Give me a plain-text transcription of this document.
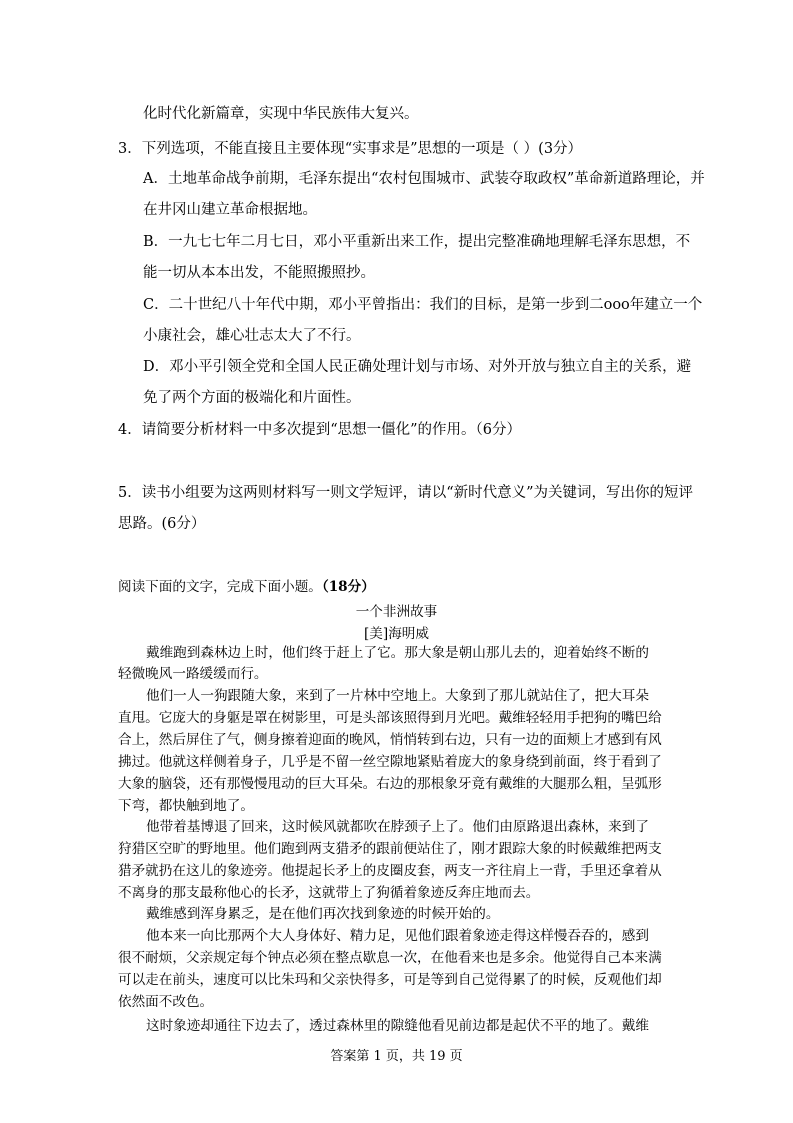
化时代化新篇章，实现中华民族伟大复兴。
3．下列选项，不能直接且主要体现“实事求是”思想的一项是（ ）(3分）
A．土地革命战争前期，毛泽东提出“农村包围城市、武装夺取政权”革命新道路理论，并
在井冈山建立革命根据地。
B．一九七七年二月七日，邓小平重新出来工作，提出完整准确地理解毛泽东思想，不
能一切从本本出发，不能照搬照抄。
C．二十世纪八十年代中期，邓小平曾指出：我们的目标，是第一步到二ooo年建立一个
小康社会，雄心壮志太大了不行。
D．邓小平引领全党和全国人民正确处理计划与市场、对外开放与独立自主的关系，避
免了两个方面的极端化和片面性。
4．请简要分析材料一中多次提到“思想一僵化”的作用。（6分）
5．读书小组要为这两则材料写一则文学短评，请以“新时代意义”为关键词，写出你的短评
思路。(6分）
阅读下面的文字，完成下面小题。（18分）
一个非洲故事
[美]海明威
戴维跑到森林边上时，他们终于赶上了它。那大象是朝山那儿去的，迎着始终不断的
轻微晚风一路缓缓而行。
他们一人一狗跟随大象，来到了一片林中空地上。大象到了那儿就站住了，把大耳朵
直甩。它庞大的身躯是罩在树影里，可是头部该照得到月光吧。戴维轻轻用手把狗的嘴巴给
合上，然后屏住了气，侧身擦着迎面的晚风，悄悄转到右边，只有一边的面颊上才感到有风
拂过。他就这样侧着身子，几乎是不留一丝空隙地紧贴着庞大的象身绕到前面，终于看到了
大象的脑袋，还有那慢慢甩动的巨大耳朵。右边的那根象牙竟有戴维的大腿那么粗，呈弧形
下弯，都快触到地了。
他带着基博退了回来，这时候风就都吹在脖颈子上了。他们由原路退出森林，来到了
狩猎区空旷的野地里。他们跑到两支猎矛的跟前便站住了，刚才跟踪大象的时候戴维把两支
猎矛就扔在这儿的象迹旁。他提起长矛上的皮圈皮套，两支一齐往肩上一背，手里还拿着从
不离身的那支最称他心的长矛，这就带上了狗循着象迹反奔庄地而去。
戴维感到浑身累乏，是在他们再次找到象迹的时候开始的。
他本来一向比那两个大人身体好、精力足，见他们跟着象迹走得这样慢吞吞的，感到
很不耐烦，父亲规定每个钟点必须在整点歇息一次，在他看来也是多余。他觉得自己本来满
可以走在前头，速度可以比朱玛和父亲快得多，可是等到自己觉得累了的时候，反观他们却
依然面不改色。
这时象迹却通往下边去了，透过森林里的隙缝他看见前边都是起伏不平的地了。戴维
答案第 1 页，共 19 页
